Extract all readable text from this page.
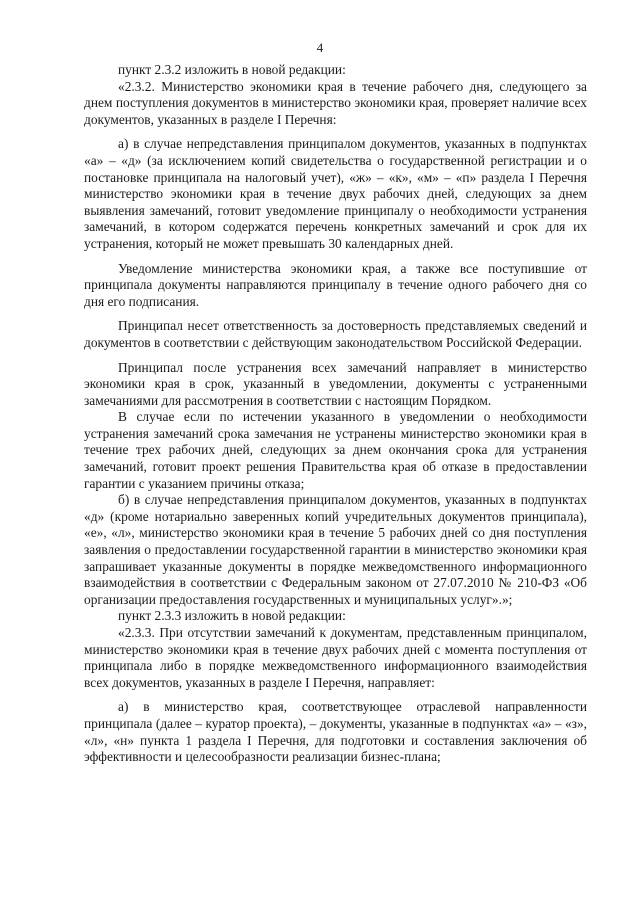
4

пункт 2.3.2 изложить в новой редакции:

«2.3.2. Министерство экономики края в течение рабочего дня, следующего за днем поступления документов в министерство экономики края, проверяет наличие всех документов, указанных в разделе I Перечня:

а) в случае непредставления принципалом документов, указанных в подпунктах «а» – «д» (за исключением копий свидетельства о государственной регистрации и о постановке принципала на налоговый учет), «ж» – «к», «м» – «п» раздела I Перечня министерство экономики края в течение двух рабочих дней, следующих за днем выявления замечаний, готовит уведомление принципалу о необходимости устранения замечаний, в котором содержатся перечень конкретных замечаний и срок для их устранения, который не может превышать 30 календарных дней.

Уведомление министерства экономики края, а также все поступившие от принципала документы направляются принципалу в течение одного рабочего дня со дня его подписания.

Принципал несет ответственность за достоверность представляемых сведений и документов в соответствии с действующим законодательством Российской Федерации.

Принципал после устранения всех замечаний направляет в министерство экономики края в срок, указанный в уведомлении, документы с устраненными замечаниями для рассмотрения в соответствии с настоящим Порядком.

В случае если по истечении указанного в уведомлении о необходимости устранения замечаний срока замечания не устранены министерство экономики края в течение трех рабочих дней, следующих за днем окончания срока для устранения замечаний, готовит проект решения Правительства края об отказе в предоставлении гарантии с указанием причины отказа;

б) в случае непредставления принципалом документов, указанных в подпунктах «д» (кроме нотариально заверенных копий учредительных документов принципала), «е», «л», министерство экономики края в течение 5 рабочих дней со дня поступления заявления о предоставлении государственной гарантии в министерство экономики края запрашивает указанные документы в порядке межведомственного информационного взаимодействия в соответствии с Федеральным законом от 27.07.2010 № 210-ФЗ «Об организации предоставления государственных и муниципальных услуг».»;

пункт 2.3.3 изложить в новой редакции:

«2.3.3. При отсутствии замечаний к документам, представленным принципалом, министерство экономики края в течение двух рабочих дней с момента поступления от принципала либо в порядке межведомственного информационного взаимодействия всех документов, указанных в разделе I Перечня, направляет:

а) в министерство края, соответствующее отраслевой направленности принципала (далее – куратор проекта), – документы, указанные в подпунктах «а» – «з», «л», «н» пункта 1 раздела I Перечня, для подготовки и составления заключения об эффективности и целесообразности реализации бизнес-плана;
